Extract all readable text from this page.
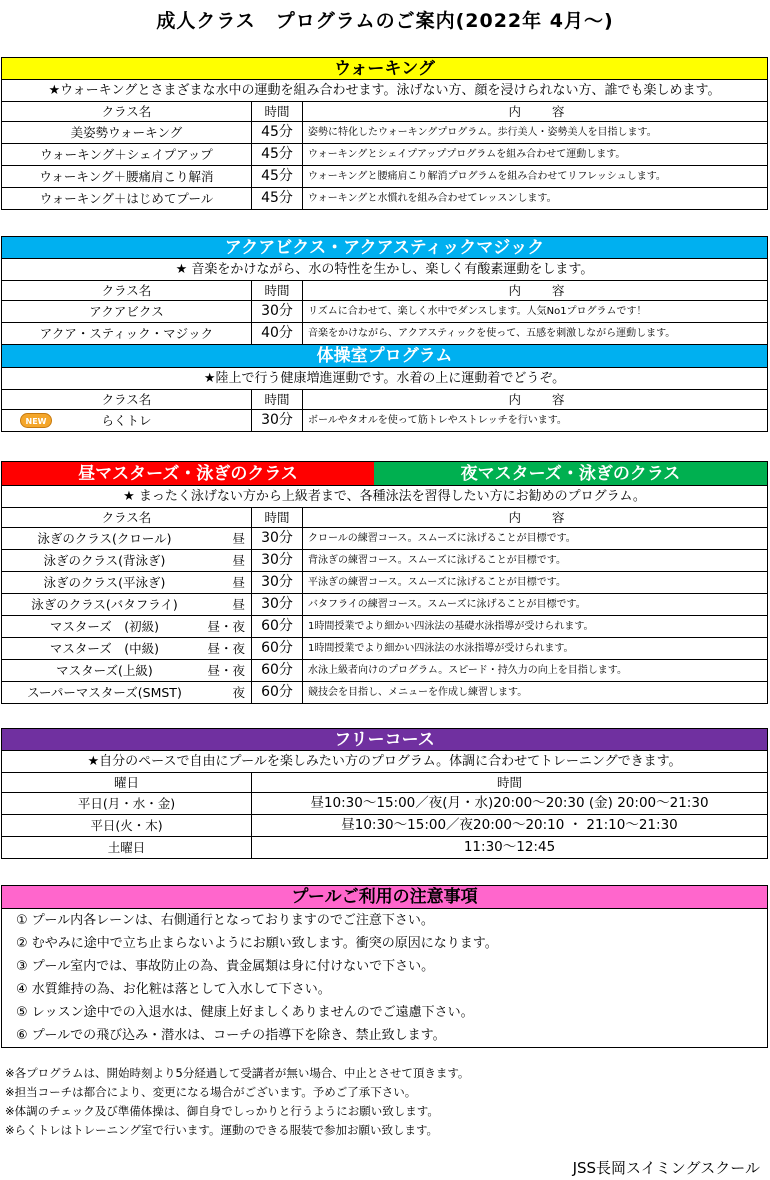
成人クラス　プログラムのご案内(2022年 4月～)
ウォーキング
★ウォーキングとさまざまな水中の運動を組み合わせます。泳げない方、顔を浸けられない方、誰でも楽しめます。
クラス名	時間	内　　容
美姿勢ウォーキング	45分	姿勢に特化したウォーキングプログラム。歩行美人・姿勢美人を目指します。
ウォーキング＋シェイプアップ	45分	ウォーキングとシェイプアッププログラムを組み合わせて運動します。
ウォーキング＋腰痛肩こり解消	45分	ウォーキングと腰痛肩こり解消プログラムを組み合わせてリフレッシュします。
ウォーキング＋はじめてプール	45分	ウォーキングと水慣れを組み合わせてレッスンします。
アクアビクス・アクアスティックマジック
★ 音楽をかけながら、水の特性を生かし、楽しく有酸素運動をします。
クラス名	時間	内　　容
アクアビクス	30分	リズムに合わせて、楽しく水中でダンスします。人気No1プログラムです！
アクア・スティック・マジック	40分	音楽をかけながら、アクアスティックを使って、五感を刺激しながら運動します。
体操室プログラム
★陸上で行う健康増進運動です。水着の上に運動着でどうぞ。
クラス名	時間	内　　容
NEW	らくトレ	30分	ボールやタオルを使って筋トレやストレッチを行います。
昼マスターズ・泳ぎのクラス	夜マスターズ・泳ぎのクラス
★ まったく泳げない方から上級者まで、各種泳法を習得したい方にお勧めのプログラム。
クラス名	時間	内　　容
泳ぎのクラス(クロール)	昼	30分	クロールの練習コース。スムーズに泳げることが目標です。
泳ぎのクラス(背泳ぎ)	昼	30分	背泳ぎの練習コース。スムーズに泳げることが目標です。
泳ぎのクラス(平泳ぎ)	昼	30分	平泳ぎの練習コース。スムーズに泳げることが目標です。
泳ぎのクラス(バタフライ)	昼	30分	バタフライの練習コース。スムーズに泳げることが目標です。
マスターズ　(初級)	昼・夜	60分	1時間授業でより細かい四泳法の基礎水泳指導が受けられます。
マスターズ　(中級)	昼・夜	60分	1時間授業でより細かい四泳法の水泳指導が受けられます。
マスターズ(上級)	昼・夜	60分	水泳上級者向けのプログラム。スピード・持久力の向上を目指します。
スーパーマスターズ(SMST)	夜	60分	競技会を目指し、メニューを作成し練習します。
フリーコース
★自分のペースで自由にプールを楽しみたい方のプログラム。体調に合わせてトレーニングできます。
曜日	時間
平日(月・水・金)	昼10:30～15:00／夜(月・水)20:00～20:30 (金) 20:00～21:30
平日(火・木)	昼10:30～15:00／夜20:00～20:10 ・ 21:10～21:30
土曜日	11:30～12:45
プールご利用の注意事項
① プール内各レーンは、右側通行となっておりますのでご注意下さい。
② むやみに途中で立ち止まらないようにお願い致します。衝突の原因になります。
③ プール室内では、事故防止の為、貴金属類は身に付けないで下さい。
④ 水質維持の為、お化粧は落として入水して下さい。
⑤ レッスン途中での入退水は、健康上好ましくありませんのでご遠慮下さい。
⑥ プールでの飛び込み・潜水は、コーチの指導下を除き、禁止致します。
※各プログラムは、開始時刻より5分経過して受講者が無い場合、中止とさせて頂きます。
※担当コーチは都合により、変更になる場合がございます。予めご了承下さい。
※体調のチェック及び準備体操は、御自身でしっかりと行うようにお願い致します。
※らくトレはトレーニング室で行います。運動のできる服装で参加お願い致します。
JSS長岡スイミングスクール
